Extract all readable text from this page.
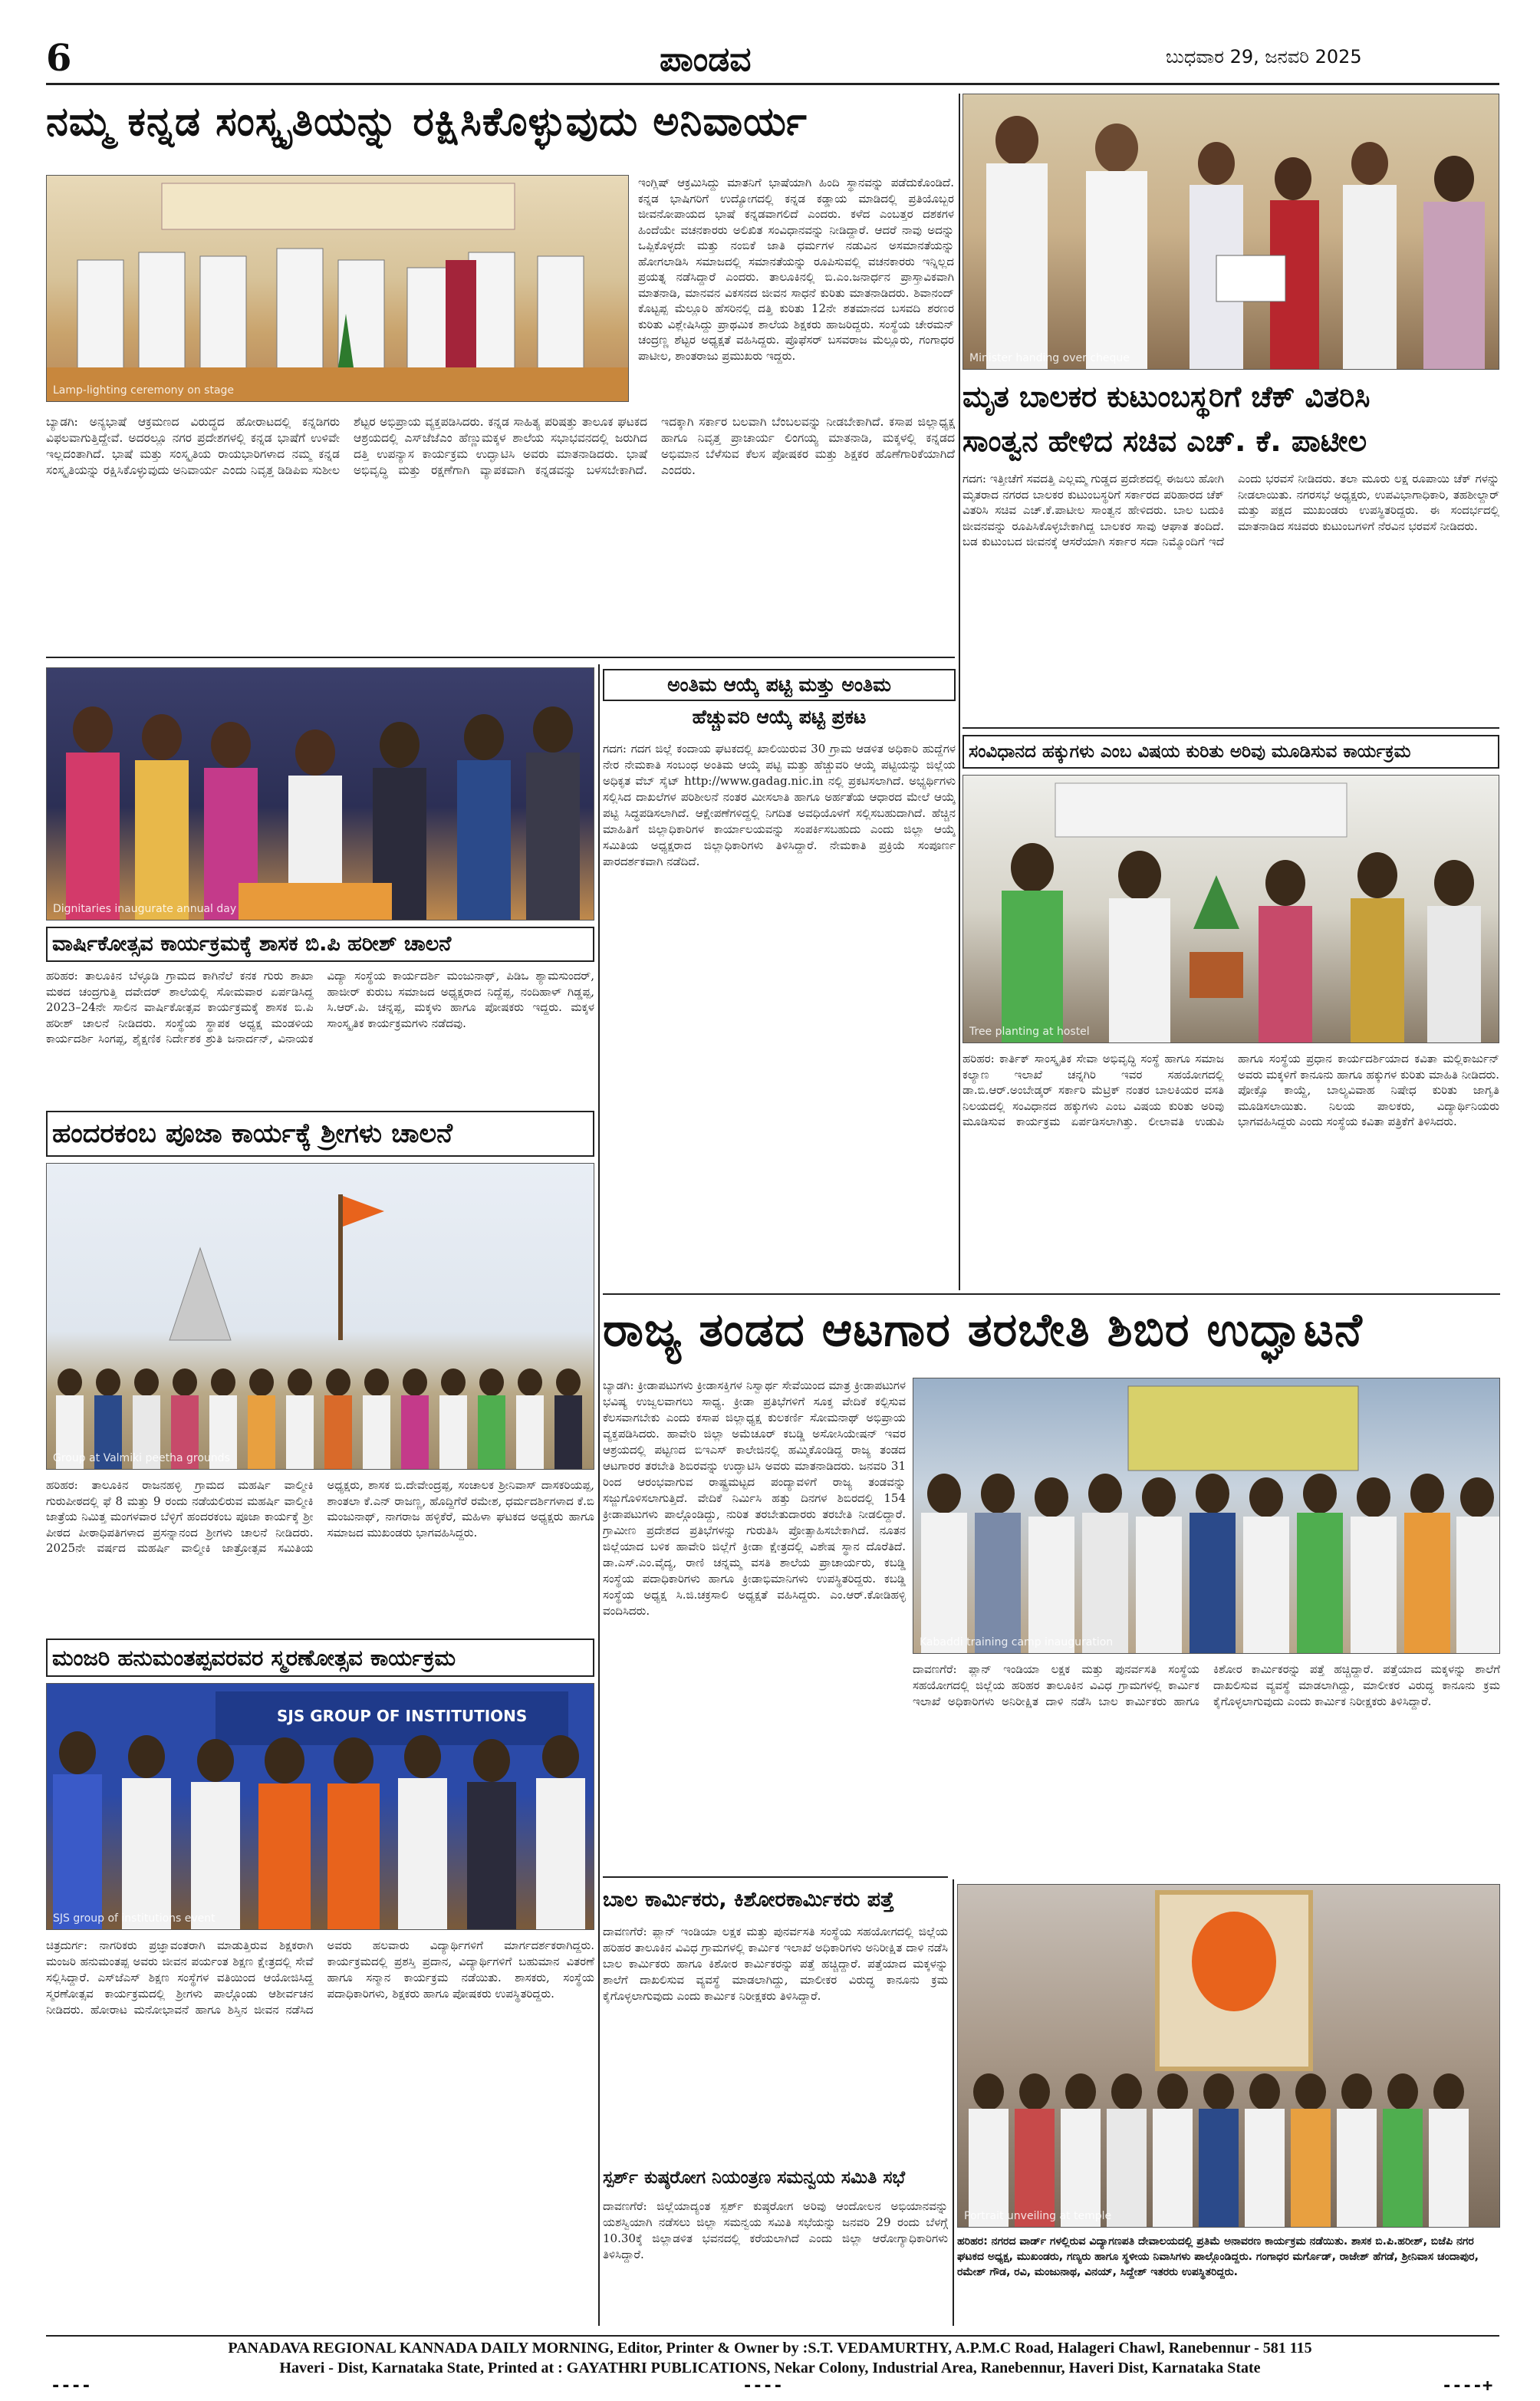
6	ಪಾಂಡವ	ಬುಧವಾರ 29, ಜನವರಿ 2025
ನಮ್ಮ ಕನ್ನಡ ಸಂಸ್ಕೃತಿಯನ್ನು ರಕ್ಷಿಸಿಕೊಳ್ಳುವುದು ಅನಿವಾರ್ಯ
Lamp-lighting ceremony on stage
ಇಂಗ್ಲಿಷ್ ಆಕ್ರಮಿಸಿದ್ದು ಮಾತನಿಗೆ ಭಾಷೆಯಾಗಿ ಹಿಂದಿ ಸ್ಥಾನವನ್ನು ಪಡೆದುಕೊಂಡಿದೆ. ಕನ್ನಡ ಭಾಷಿಗರಿಗೆ ಉದ್ಯೋಗದಲ್ಲಿ ಕನ್ನಡ ಕಡ್ಡಾಯ ಮಾಡಿದಲ್ಲಿ ಪ್ರತಿಯೊಬ್ಬರ ಜೀವನೋಪಾಯದ ಭಾಷೆ ಕನ್ನಡವಾಗಲಿದೆ ಎಂದರು. ಕಳೆದ ಎಂಬತ್ತರ ದಶಕಗಳ ಹಿಂದೆಯೇ ವಚನಕಾರರು ಅಲಿಖಿತ ಸಂವಿಧಾನವನ್ನು ನೀಡಿದ್ದಾರೆ. ಆದರೆ ನಾವು ಅದನ್ನು ಒಪ್ಪಿಕೊಳ್ಳದೇ ಮತ್ತು ನಂಬಿಕೆ ಜಾತಿ ಧರ್ಮಗಳ ನಡುವಿನ ಅಸಮಾನತೆಯನ್ನು ಹೋಗಲಾಡಿಸಿ ಸಮಾಜದಲ್ಲಿ ಸಮಾನತೆಯನ್ನು ರೂಪಿಸುವಲ್ಲಿ ವಚನಕಾರರು ಇನ್ನಿಲ್ಲದ ಪ್ರಯತ್ನ ನಡೆಸಿದ್ದಾರೆ ಎಂದರು. ತಾಲೂಕಿನಲ್ಲಿ ಬಿ.ಎಂ.ಜನಾರ್ಧನ ಪ್ರಾಸ್ತಾವಿಕವಾಗಿ ಮಾತನಾಡಿ, ಮಾನವನ ವಿಕಸನದ ಜೀವನ ಸಾಧನೆ ಕುರಿತು ಮಾತನಾಡಿದರು. ಶಿವಾನಂದ್ ಕೊಟ್ಟಪ್ಪ ಮೆಲ್ಲೂರಿ ಹೆಸರಿನಲ್ಲಿ ದತ್ತಿ ಕುರಿತು 12ನೇ ಶತಮಾನದ ಬಸವದಿ ಶರಣರ ಕುರಿತು ವಿಶ್ಲೇಷಿಸಿದ್ದು ಪ್ರಾಥಮಿಕ ಶಾಲೆಯ ಶಿಕ್ಷಕರು ಹಾಜರಿದ್ದರು. ಸಂಸ್ಥೆಯ ಚೇರಮನ್ ಚಂದ್ರಣ್ಣ ಶೆಟ್ಟರ ಅಧ್ಯಕ್ಷತೆ ವಹಿಸಿದ್ದರು. ಪ್ರೊಫೆಸರ್ ಬಸವರಾಜ ಮೆಲ್ಲೂರು, ಗಂಗಾಧರ ಪಾಟೀಲ, ಶಾಂತರಾಜು ಪ್ರಮುಖರು ಇದ್ದರು.
ಬ್ಯಾಡಗಿ: ಅನ್ಯಭಾಷೆ ಆಕ್ರಮಣದ ವಿರುದ್ಧದ ಹೋರಾಟದಲ್ಲಿ ಕನ್ನಡಿಗರು ವಿಫಲವಾಗುತ್ತಿದ್ದೇವೆ. ಅದರಲ್ಲೂ ನಗರ ಪ್ರದೇಶಗಳಲ್ಲಿ ಕನ್ನಡ ಭಾಷೆಗೆ ಉಳಿವೇ ಇಲ್ಲದಂತಾಗಿದೆ. ಭಾಷೆ ಮತ್ತು ಸಂಸ್ಕೃತಿಯ ರಾಯಭಾರಿಗಳಾದ ನಮ್ಮ ಕನ್ನಡ ಸಂಸ್ಕೃತಿಯನ್ನು ರಕ್ಷಿಸಿಕೊಳ್ಳುವುದು ಅನಿವಾರ್ಯ ಎಂದು ನಿವೃತ್ತ ಡಿಡಿಪಿಐ ಸುಶೀಲ ಶೆಟ್ಟರ ಅಭಿಪ್ರಾಯ ವ್ಯಕ್ತಪಡಿಸಿದರು. ಕನ್ನಡ ಸಾಹಿತ್ಯ ಪರಿಷತ್ತು ತಾಲೂಕ ಘಟಕದ ಆಶ್ರಯದಲ್ಲಿ ಎಸ್‌ಜೆಜೆಎಂ ಹೆಣ್ಣುಮಕ್ಕಳ ಶಾಲೆಯ ಸಭಾಭವನದಲ್ಲಿ ಜರುಗಿದ ದತ್ತಿ ಉಪನ್ಯಾಸ ಕಾರ್ಯಕ್ರಮ ಉದ್ಘಾಟಿಸಿ ಅವರು ಮಾತನಾಡಿದರು. ಭಾಷೆ ಅಭಿವೃದ್ಧಿ ಮತ್ತು ರಕ್ಷಣೆಗಾಗಿ ವ್ಯಾಪಕವಾಗಿ ಕನ್ನಡವನ್ನು ಬಳಸಬೇಕಾಗಿದೆ. ಇದಕ್ಕಾಗಿ ಸರ್ಕಾರ ಬಲವಾಗಿ ಬೆಂಬಲವನ್ನು ನೀಡಬೇಕಾಗಿದೆ. ಕಸಾಪ ಜಿಲ್ಲಾಧ್ಯಕ್ಷ ಹಾಗೂ ನಿವೃತ್ತ ಪ್ರಾಚಾರ್ಯ ಲಿಂಗಯ್ಯ ಮಾತನಾಡಿ, ಮಕ್ಕಳಲ್ಲಿ ಕನ್ನಡದ ಅಭಿಮಾನ ಬೆಳೆಸುವ ಕೆಲಸ ಪೋಷಕರ ಮತ್ತು ಶಿಕ್ಷಕರ ಹೊಣೆಗಾರಿಕೆಯಾಗಿದೆ ಎಂದರು.
Minister handing over cheque
ಮೃತ ಬಾಲಕರ ಕುಟುಂಬಸ್ಥರಿಗೆ ಚೆಕ್ ವಿತರಿಸಿ
ಸಾಂತ್ವನ ಹೇಳಿದ ಸಚಿವ ಎಚ್. ಕೆ. ಪಾಟೀಲ
ಗದಗ: ಇತ್ತೀಚೆಗೆ ಸವದತ್ತಿ ಎಲ್ಲಮ್ಮ ಗುಡ್ಡದ ಪ್ರದೇಶದಲ್ಲಿ ಈಜಲು ಹೋಗಿ ಮೃತರಾದ ನಗರದ ಬಾಲಕರ ಕುಟುಂಬಸ್ಥರಿಗೆ ಸರ್ಕಾರದ ಪರಿಹಾರದ ಚೆಕ್ ವಿತರಿಸಿ ಸಚಿವ ಎಚ್.ಕೆ.ಪಾಟೀಲ ಸಾಂತ್ವನ ಹೇಳಿದರು. ಬಾಲ ಬದುಕಿ ಜೀವನವನ್ನು ರೂಪಿಸಿಕೊಳ್ಳಬೇಕಾಗಿದ್ದ ಬಾಲಕರ ಸಾವು ಆಘಾತ ತಂದಿದೆ. ಬಡ ಕುಟುಂಬದ ಜೀವನಕ್ಕೆ ಆಸರೆಯಾಗಿ ಸರ್ಕಾರ ಸದಾ ನಿಮ್ಮೊಂದಿಗೆ ಇದೆ ಎಂದು ಭರವಸೆ ನೀಡಿದರು. ತಲಾ ಮೂರು ಲಕ್ಷ ರೂಪಾಯಿ ಚೆಕ್ ಗಳನ್ನು ನೀಡಲಾಯಿತು. ನಗರಸಭೆ ಅಧ್ಯಕ್ಷರು, ಉಪವಿಭಾಗಾಧಿಕಾರಿ, ತಹಶೀಲ್ದಾರ್ ಮತ್ತು ಪಕ್ಷದ ಮುಖಂಡರು ಉಪಸ್ಥಿತರಿದ್ದರು. ಈ ಸಂದರ್ಭದಲ್ಲಿ ಮಾತನಾಡಿದ ಸಚಿವರು ಕುಟುಂಬಗಳಿಗೆ ನೆರವಿನ ಭರವಸೆ ನೀಡಿದರು.
Dignitaries inaugurate annual day
ವಾರ್ಷಿಕೋತ್ಸವ ಕಾರ್ಯಕ್ರಮಕ್ಕೆ ಶಾಸಕ ಬಿ.ಪಿ ಹರೀಶ್ ಚಾಲನೆ
ಹರಿಹರ: ತಾಲೂಕಿನ ಬೆಳ್ಳೂಡಿ ಗ್ರಾಮದ ಕಾಗಿನೆಲೆ ಕನಕ ಗುರು ಶಾಖಾ ಮಠದ ಚಂದ್ರಗುತ್ತಿ ದವೇದರ್ ಶಾಲೆಯಲ್ಲಿ ಸೋಮವಾರ ಏರ್ಪಡಿಸಿದ್ದ 2023–24ನೇ ಸಾಲಿನ ವಾರ್ಷಿಕೋತ್ಸವ ಕಾರ್ಯಕ್ರಮಕ್ಕೆ ಶಾಸಕ ಬಿ.ಪಿ ಹರೀಶ್ ಚಾಲನೆ ನೀಡಿದರು. ಸಂಸ್ಥೆಯ ಸ್ಥಾಪಕ ಅಧ್ಯಕ್ಷ ಮಂಡಳಿಯ ಕಾರ್ಯದರ್ಶಿ ಸಿಂಗಪ್ಪ, ಶೈಕ್ಷಣಿಕ ನಿರ್ದೇಶಕ ಶ್ರುತಿ ಜನಾರ್ದನ್, ವಿನಾಯಕ ವಿದ್ಯಾ ಸಂಸ್ಥೆಯ ಕಾರ್ಯದರ್ಶಿ ಮಂಜುನಾಥ್, ಪಿಡಿಒ ಶ್ಯಾಮಸುಂದರ್, ಹಾಜೀರ್ ಕುರುಬ ಸಮಾಜದ ಅಧ್ಯಕ್ಷರಾದ ನಿದ್ದೆಪ್ಪ, ನಂದಿಹಾಳ್ ಗಿಡ್ಡಪ್ಪ, ಸಿ.ಆರ್.ಪಿ. ಚನ್ನಪ್ಪ, ಮಕ್ಕಳು ಹಾಗೂ ಪೋಷಕರು ಇದ್ದರು. ಮಕ್ಕಳ ಸಾಂಸ್ಕೃತಿಕ ಕಾರ್ಯಕ್ರಮಗಳು ನಡೆದವು.
ಅಂತಿಮ ಆಯ್ಕೆ ಪಟ್ಟಿ ಮತ್ತು ಅಂತಿಮ
ಹೆಚ್ಚುವರಿ ಆಯ್ಕೆ ಪಟ್ಟಿ ಪ್ರಕಟ
ಗದಗ: ಗದಗ ಜಿಲ್ಲೆ ಕಂದಾಯ ಘಟಕದಲ್ಲಿ ಖಾಲಿಯಿರುವ 30 ಗ್ರಾಮ ಆಡಳಿತ ಅಧಿಕಾರಿ ಹುದ್ದೆಗಳ ನೇರ ನೇಮಕಾತಿ ಸಂಬಂಧ ಅಂತಿಮ ಆಯ್ಕೆ ಪಟ್ಟಿ ಮತ್ತು ಹೆಚ್ಚುವರಿ ಆಯ್ಕೆ ಪಟ್ಟಿಯನ್ನು ಜಿಲ್ಲೆಯ ಅಧಿಕೃತ ವೆಬ್ ಸೈಟ್ http://www.gadag.nic.in ನಲ್ಲಿ ಪ್ರಕಟಿಸಲಾಗಿದೆ. ಅಭ್ಯರ್ಥಿಗಳು ಸಲ್ಲಿಸಿದ ದಾಖಲೆಗಳ ಪರಿಶೀಲನೆ ನಂತರ ಮೀಸಲಾತಿ ಹಾಗೂ ಅರ್ಹತೆಯ ಆಧಾರದ ಮೇಲೆ ಆಯ್ಕೆ ಪಟ್ಟಿ ಸಿದ್ಧಪಡಿಸಲಾಗಿದೆ. ಆಕ್ಷೇಪಣೆಗಳಿದ್ದಲ್ಲಿ ನಿಗದಿತ ಅವಧಿಯೊಳಗೆ ಸಲ್ಲಿಸಬಹುದಾಗಿದೆ. ಹೆಚ್ಚಿನ ಮಾಹಿತಿಗೆ ಜಿಲ್ಲಾಧಿಕಾರಿಗಳ ಕಾರ್ಯಾಲಯವನ್ನು ಸಂಪರ್ಕಿಸಬಹುದು ಎಂದು ಜಿಲ್ಲಾ ಆಯ್ಕೆ ಸಮಿತಿಯ ಅಧ್ಯಕ್ಷರಾದ ಜಿಲ್ಲಾಧಿಕಾರಿಗಳು ತಿಳಿಸಿದ್ದಾರೆ. ನೇಮಕಾತಿ ಪ್ರಕ್ರಿಯೆ ಸಂಪೂರ್ಣ ಪಾರದರ್ಶಕವಾಗಿ ನಡೆದಿದೆ.
ಸಂವಿಧಾನದ ಹಕ್ಕುಗಳು ಎಂಬ ವಿಷಯ ಕುರಿತು ಅರಿವು ಮೂಡಿಸುವ ಕಾರ್ಯಕ್ರಮ
Tree planting at hostel
ಹರಿಹರ: ಕಾರ್ತಿಕ್ ಸಾಂಸ್ಕೃತಿಕ ಸೇವಾ ಅಭಿವೃದ್ಧಿ ಸಂಸ್ಥೆ ಹಾಗೂ ಸಮಾಜ ಕಲ್ಯಾಣ ಇಲಾಖೆ ಚನ್ನಗಿರಿ ಇವರ ಸಹಯೋಗದಲ್ಲಿ ಡಾ.ಬಿ.ಆರ್.ಅಂಬೇಡ್ಕರ್ ಸರ್ಕಾರಿ ಮೆಟ್ರಿಕ್ ನಂತರ ಬಾಲಕಿಯರ ವಸತಿ ನಿಲಯದಲ್ಲಿ ಸಂವಿಧಾನದ ಹಕ್ಕುಗಳು ಎಂಬ ವಿಷಯ ಕುರಿತು ಅರಿವು ಮೂಡಿಸುವ ಕಾರ್ಯಕ್ರಮ ಏರ್ಪಡಿಸಲಾಗಿತ್ತು. ಲೀಲಾವತಿ ಉಡುಪಿ ಹಾಗೂ ಸಂಸ್ಥೆಯ ಪ್ರಧಾನ ಕಾರ್ಯದರ್ಶಿಯಾದ ಕವಿತಾ ಮಲ್ಲಿಕಾರ್ಜುನ್ ಅವರು ಮಕ್ಕಳಿಗೆ ಕಾನೂನು ಹಾಗೂ ಹಕ್ಕುಗಳ ಕುರಿತು ಮಾಹಿತಿ ನೀಡಿದರು. ಪೋಕ್ಸೊ ಕಾಯ್ದೆ, ಬಾಲ್ಯವಿವಾಹ ನಿಷೇಧ ಕುರಿತು ಜಾಗೃತಿ ಮೂಡಿಸಲಾಯಿತು. ನಿಲಯ ಪಾಲಕರು, ವಿದ್ಯಾರ್ಥಿನಿಯರು ಭಾಗವಹಿಸಿದ್ದರು ಎಂದು ಸಂಸ್ಥೆಯ ಕವಿತಾ ಪತ್ರಿಕೆಗೆ ತಿಳಿಸಿದರು.
ಹಂದರಕಂಬ ಪೂಜಾ ಕಾರ್ಯಕ್ಕೆ ಶ್ರೀಗಳು ಚಾಲನೆ
Group at Valmiki peetha grounds
ಹರಿಹರ: ತಾಲೂಕಿನ ರಾಜನಹಳ್ಳಿ ಗ್ರಾಮದ ಮಹರ್ಷಿ ವಾಲ್ಮೀಕಿ ಗುರುಪೀಠದಲ್ಲಿ ಫೆ 8 ಮತ್ತು 9 ರಂದು ನಡೆಯಲಿರುವ ಮಹರ್ಷಿ ವಾಲ್ಮೀಕಿ ಜಾತ್ರೆಯ ನಿಮಿತ್ತ ಮಂಗಳವಾರ ಬೆಳ್ಳಿಗೆ ಹಂದರಕಂಬ ಪೂಜಾ ಕಾರ್ಯಕ್ಕೆ ಶ್ರೀ ಪೀಠದ ಪೀಠಾಧಿಪತಿಗಳಾದ ಪ್ರಸನ್ನಾನಂದ ಶ್ರೀಗಳು ಚಾಲನೆ ನೀಡಿದರು. 2025ನೇ ವರ್ಷದ ಮಹರ್ಷಿ ವಾಲ್ಮೀಕಿ ಜಾತ್ರೋತ್ಸವ ಸಮಿತಿಯ ಅಧ್ಯಕ್ಷರು, ಶಾಸಕ ಬಿ.ದೇವೇಂದ್ರಪ್ಪ, ಸಂಚಾಲಕ ಶ್ರೀನಿವಾಸ್ ದಾಸಕರಿಯಪ್ಪ, ಶಾಂತಲಾ ಕೆ.ಎನ್ ರಾಜಣ್ಣ, ಹೊದ್ದಿಗೆರೆ ರಮೇಶ, ಧರ್ಮದರ್ಶಿಗಳಾದ ಕೆ.ಬಿ ಮಂಜುನಾಥ್, ನಾಗರಾಜ ಹಳ್ಳಿಕೆರೆ, ಮಹಿಳಾ ಘಟಕದ ಅಧ್ಯಕ್ಷರು ಹಾಗೂ ಸಮಾಜದ ಮುಖಂಡರು ಭಾಗವಹಿಸಿದ್ದರು.
ರಾಜ್ಯ ತಂಡದ ಆಟಗಾರ ತರಬೇತಿ ಶಿಬಿರ ಉದ್ಘಾಟನೆ
ಬ್ಯಾಡಗಿ: ಕ್ರೀಡಾಪಟುಗಳು ಕ್ರೀಡಾಸಕ್ತಿಗಳ ನಿಸ್ವಾರ್ಥ ಸೇವೆಯಿಂದ ಮಾತ್ರ ಕ್ರೀಡಾಪಟುಗಳ ಭವಿಷ್ಯ ಉಜ್ವಲವಾಗಲು ಸಾಧ್ಯ. ಕ್ರೀಡಾ ಪ್ರತಿಭೆಗಳಿಗೆ ಸೂಕ್ತ ವೇದಿಕೆ ಕಲ್ಪಿಸುವ ಕೆಲಸವಾಗಬೇಕು ಎಂದು ಕಸಾಪ ಜಿಲ್ಲಾಧ್ಯಕ್ಷ ಕುಲಕರ್ಣಿ ಸೋಮನಾಥ್ ಅಭಿಪ್ರಾಯ ವ್ಯಕ್ತಪಡಿಸಿದರು. ಹಾವೇರಿ ಜಿಲ್ಲಾ ಅಮೆಚೂರ್ ಕಬಡ್ಡಿ ಅಸೋಸಿಯೇಷನ್ ಇವರ ಆಶ್ರಯದಲ್ಲಿ ಪಟ್ಟಣದ ಬಿಇಎಸ್ ಕಾಲೇಜಿನಲ್ಲಿ ಹಮ್ಮಿಕೊಂಡಿದ್ದ ರಾಜ್ಯ ತಂಡದ ಆಟಗಾರರ ತರಬೇತಿ ಶಿಬಿರವನ್ನು ಉದ್ಘಾಟಿಸಿ ಅವರು ಮಾತನಾಡಿದರು. ಜನವರಿ 31 ರಿಂದ ಆರಂಭವಾಗುವ ರಾಷ್ಟ್ರಮಟ್ಟದ ಪಂದ್ಯಾವಳಿಗೆ ರಾಜ್ಯ ತಂಡವನ್ನು ಸಜ್ಜುಗೊಳಿಸಲಾಗುತ್ತಿದೆ. ವೇದಿಕೆ ನಿರ್ಮಿಸಿ ಹತ್ತು ದಿನಗಳ ಶಿಬಿರದಲ್ಲಿ 154 ಕ್ರೀಡಾಪಟುಗಳು ಪಾಲ್ಗೊಂಡಿದ್ದು, ನುರಿತ ತರಬೇತುದಾರರು ತರಬೇತಿ ನೀಡಲಿದ್ದಾರೆ. ಗ್ರಾಮೀಣ ಪ್ರದೇಶದ ಪ್ರತಿಭೆಗಳನ್ನು ಗುರುತಿಸಿ ಪ್ರೋತ್ಸಾಹಿಸಬೇಕಾಗಿದೆ. ನೂತನ ಜಿಲ್ಲೆಯಾದ ಬಳಿಕ ಹಾವೇರಿ ಜಿಲ್ಲೆಗೆ ಕ್ರೀಡಾ ಕ್ಷೇತ್ರದಲ್ಲಿ ವಿಶೇಷ ಸ್ಥಾನ ದೊರೆತಿದೆ. ಡಾ.ಎಸ್.ಎಂ.ವೈದ್ಯ, ರಾಣಿ ಚನ್ನಮ್ಮ ವಸತಿ ಶಾಲೆಯ ಪ್ರಾಚಾರ್ಯರು, ಕಬಡ್ಡಿ ಸಂಸ್ಥೆಯ ಪದಾಧಿಕಾರಿಗಳು ಹಾಗೂ ಕ್ರೀಡಾಭಿಮಾನಿಗಳು ಉಪಸ್ಥಿತರಿದ್ದರು. ಕಬಡ್ಡಿ ಸಂಸ್ಥೆಯ ಅಧ್ಯಕ್ಷ ಸಿ.ಜಿ.ಚಕ್ರಸಾಲಿ ಅಧ್ಯಕ್ಷತೆ ವಹಿಸಿದ್ದರು. ಎಂ.ಆರ್.ಕೋಡಿಹಳ್ಳಿ ವಂದಿಸಿದರು.
Kabaddi training camp inauguration
ದಾವಣಗೆರೆ: ಪ್ಲಾನ್ ಇಂಡಿಯಾ ಲಕ್ಷಕ ಮತ್ತು ಪುನರ್ವಸತಿ ಸಂಸ್ಥೆಯ ಸಹಯೋಗದಲ್ಲಿ ಜಿಲ್ಲೆಯ ಹರಿಹರ ತಾಲೂಕಿನ ವಿವಿಧ ಗ್ರಾಮಗಳಲ್ಲಿ ಕಾರ್ಮಿಕ ಇಲಾಖೆ ಅಧಿಕಾರಿಗಳು ಅನಿರೀಕ್ಷಿತ ದಾಳಿ ನಡೆಸಿ ಬಾಲ ಕಾರ್ಮಿಕರು ಹಾಗೂ ಕಿಶೋರ ಕಾರ್ಮಿಕರನ್ನು ಪತ್ತೆ ಹಚ್ಚಿದ್ದಾರೆ. ಪತ್ತೆಯಾದ ಮಕ್ಕಳನ್ನು ಶಾಲೆಗೆ ದಾಖಲಿಸುವ ವ್ಯವಸ್ಥೆ ಮಾಡಲಾಗಿದ್ದು, ಮಾಲೀಕರ ವಿರುದ್ಧ ಕಾನೂನು ಕ್ರಮ ಕೈಗೊಳ್ಳಲಾಗುವುದು ಎಂದು ಕಾರ್ಮಿಕ ನಿರೀಕ್ಷಕರು ತಿಳಿಸಿದ್ದಾರೆ.
ಮಂಜರಿ ಹನುಮಂತಪ್ಪವರವರ ಸ್ಮರಣೋತ್ಸವ ಕಾರ್ಯಕ್ರಮ
SJS GROUP OF INSTITUTIONS
SJS group of institutions event
ಚಿತ್ರದುರ್ಗ: ನಾಗರಿಕರು ಪ್ರಜ್ಞಾವಂತರಾಗಿ ಮಾಡುತ್ತಿರುವ ಶಿಕ್ಷಕರಾಗಿ ಮಂಜರಿ ಹನುಮಂತಪ್ಪ ಅವರು ಜೀವನ ಪರ್ಯಂತ ಶಿಕ್ಷಣ ಕ್ಷೇತ್ರದಲ್ಲಿ ಸೇವೆ ಸಲ್ಲಿಸಿದ್ದಾರೆ. ಎಸ್‌ಜೆಎಸ್ ಶಿಕ್ಷಣ ಸಂಸ್ಥೆಗಳ ವತಿಯಿಂದ ಆಯೋಜಿಸಿದ್ದ ಸ್ಮರಣೋತ್ಸವ ಕಾರ್ಯಕ್ರಮದಲ್ಲಿ ಶ್ರೀಗಳು ಪಾಲ್ಗೊಂಡು ಆಶೀರ್ವಚನ ನೀಡಿದರು. ಹೋರಾಟ ಮನೋಭಾವನೆ ಹಾಗೂ ಶಿಸ್ತಿನ ಜೀವನ ನಡೆಸಿದ ಅವರು ಹಲವಾರು ವಿದ್ಯಾರ್ಥಿಗಳಿಗೆ ಮಾರ್ಗದರ್ಶಕರಾಗಿದ್ದರು. ಕಾರ್ಯಕ್ರಮದಲ್ಲಿ ಪ್ರಶಸ್ತಿ ಪ್ರದಾನ, ವಿದ್ಯಾರ್ಥಿಗಳಿಗೆ ಬಹುಮಾನ ವಿತರಣೆ ಹಾಗೂ ಸನ್ಮಾನ ಕಾರ್ಯಕ್ರಮ ನಡೆಯಿತು. ಶಾಸಕರು, ಸಂಸ್ಥೆಯ ಪದಾಧಿಕಾರಿಗಳು, ಶಿಕ್ಷಕರು ಹಾಗೂ ಪೋಷಕರು ಉಪಸ್ಥಿತರಿದ್ದರು.
ಬಾಲ ಕಾರ್ಮಿಕರು, ಕಿಶೋರಕಾರ್ಮಿಕರು ಪತ್ತೆ
ದಾವಣಗೆರೆ: ಪ್ಲಾನ್ ಇಂಡಿಯಾ ಲಕ್ಷಕ ಮತ್ತು ಪುನರ್ವಸತಿ ಸಂಸ್ಥೆಯ ಸಹಯೋಗದಲ್ಲಿ ಜಿಲ್ಲೆಯ ಹರಿಹರ ತಾಲೂಕಿನ ವಿವಿಧ ಗ್ರಾಮಗಳಲ್ಲಿ ಕಾರ್ಮಿಕ ಇಲಾಖೆ ಅಧಿಕಾರಿಗಳು ಅನಿರೀಕ್ಷಿತ ದಾಳಿ ನಡೆಸಿ ಬಾಲ ಕಾರ್ಮಿಕರು ಹಾಗೂ ಕಿಶೋರ ಕಾರ್ಮಿಕರನ್ನು ಪತ್ತೆ ಹಚ್ಚಿದ್ದಾರೆ. ಪತ್ತೆಯಾದ ಮಕ್ಕಳನ್ನು ಶಾಲೆಗೆ ದಾಖಲಿಸುವ ವ್ಯವಸ್ಥೆ ಮಾಡಲಾಗಿದ್ದು, ಮಾಲೀಕರ ವಿರುದ್ಧ ಕಾನೂನು ಕ್ರಮ ಕೈಗೊಳ್ಳಲಾಗುವುದು ಎಂದು ಕಾರ್ಮಿಕ ನಿರೀಕ್ಷಕರು ತಿಳಿಸಿದ್ದಾರೆ.
ಸ್ಪರ್ಶ್ ಕುಷ್ಠರೋಗ ನಿಯಂತ್ರಣ ಸಮನ್ವಯ ಸಮಿತಿ ಸಭೆ
ದಾವಣಗೆರೆ: ಜಿಲ್ಲೆಯಾದ್ಯಂತ ಸ್ಪರ್ಶ್ ಕುಷ್ಠರೋಗ ಅರಿವು ಆಂದೋಲನ ಅಭಿಯಾನವನ್ನು ಯಶಸ್ವಿಯಾಗಿ ನಡೆಸಲು ಜಿಲ್ಲಾ ಸಮನ್ವಯ ಸಮಿತಿ ಸಭೆಯನ್ನು ಜನವರಿ 29 ರಂದು ಬೆಳಗ್ಗೆ 10.30ಕ್ಕೆ ಜಿಲ್ಲಾಡಳಿತ ಭವನದಲ್ಲಿ ಕರೆಯಲಾಗಿದೆ ಎಂದು ಜಿಲ್ಲಾ ಆರೋಗ್ಯಾಧಿಕಾರಿಗಳು ತಿಳಿಸಿದ್ದಾರೆ.
Portrait unveiling at temple
ಹರಿಹರ: ನಗರದ ವಾರ್ಡ್ ಗಳಲ್ಲಿರುವ ವಿದ್ಯಾಗಣಪತಿ ದೇವಾಲಯದಲ್ಲಿ ಪ್ರತಿಮೆ ಅನಾವರಣ ಕಾರ್ಯಕ್ರಮ ನಡೆಯಿತು. ಶಾಸಕ ಬಿ.ಪಿ.ಹರೀಶ್, ಬಿಜೆಪಿ ನಗರ ಘಟಕದ ಅಧ್ಯಕ್ಷ, ಮುಖಂಡರು, ಗಣ್ಯರು ಹಾಗೂ ಸ್ಥಳೀಯ ನಿವಾಸಿಗಳು ಪಾಲ್ಗೊಂಡಿದ್ದರು. ಗಂಗಾಧರ ಮರ್ಗೊಡ್, ರಾಜೇಶ್ ಹೆಗಡೆ, ಶ್ರೀನಿವಾಸ ಚಂದಾಪುರ, ರಮೇಶ್ ಗೌಡ, ರವಿ, ಮಂಜುನಾಥ, ವಿನಯ್, ಸಿದ್ದೇಶ್ ಇತರರು ಉಪಸ್ಥಿತರಿದ್ದರು.
PANADAVA REGIONAL KANNADA DAILY MORNING, Editor, Printer & Owner by :S.T. VEDAMURTHY, A.P.M.C Road, Halageri Chawl, Ranebennur - 581 115
Haveri - Dist, Karnataka State, Printed at : GAYATHRI PUBLICATIONS, Nekar Colony, Industrial Area, Ranebennur, Haveri Dist, Karnataka State
----	----	----+
